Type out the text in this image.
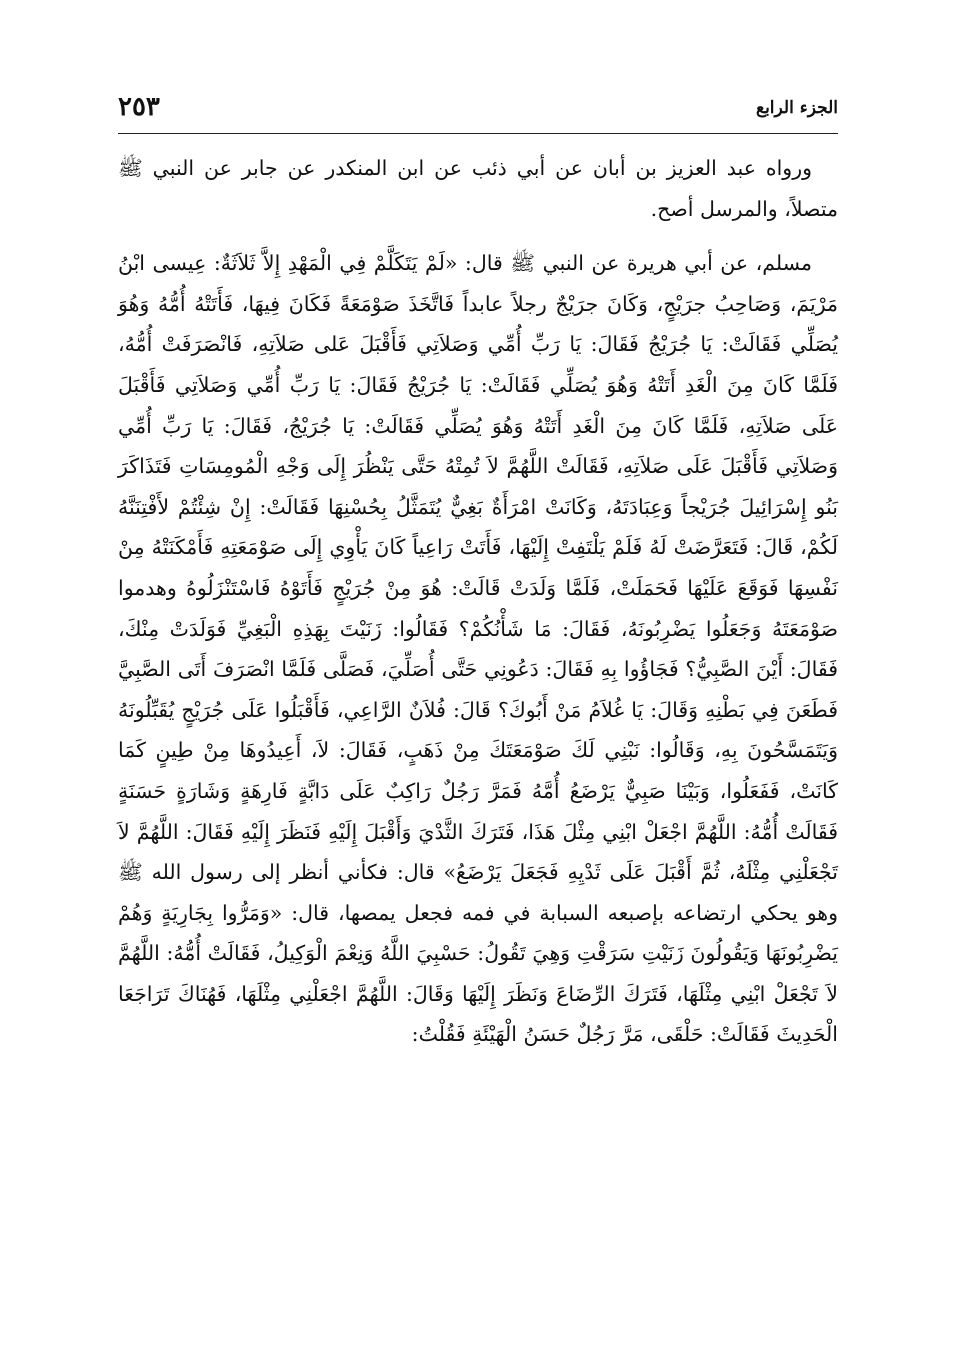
الجزء الرابع
٢٥٣

ورواه عبد العزيز بن أبان عن أبي ذئب عن ابن المنكدر عن جابر عن النبي ﷺ متصلاً، والمرسل أصح.

مسلم، عن أبي هريرة عن النبي ﷺ قال: «لَمْ يَتَكَلَّمْ فِي الْمَهْدِ إِلاَّ ثَلاَثَةٌ: عِيسى ابْنُ مَرْيَمَ، وَصَاحِبُ جرَيْجٍ، وَكَانَ جرَيْجٌ رجلاً عابداً فَاتَّخَذَ صَوْمَعَةً فَكَانَ فِيهَا، فَأَتَتْهُ أُمُّهُ وَهُوَ يُصَلِّي فَقَالَتْ: يَا جُرَيْجُ فَقَالَ: يَا رَبِّ أُمِّي وَصَلاَتِي فَأَقْبَلَ عَلى صَلاَتِهِ، فَانْصَرَفَتْ أُمُّهُ، فَلَمَّا كَانَ مِنَ الْغَدِ أَتَتْهُ وَهُوَ يُصَلِّي فَقَالَتْ: يَا جُرَيْجُ فَقَالَ: يَا رَبِّ أُمِّي وَصَلاَتِي فَأَقْبَلَ عَلَى صَلاَتِهِ، فَلَمَّا كَانَ مِنَ الْغَدِ أَتَتْهُ وَهُوَ يُصَلِّي فَقَالَتْ: يَا جُرَيْجُ، فَقَالَ: يَا رَبِّ أُمِّي وَصَلاَتِي فَأَقْبَلَ عَلَى صَلاَتِهِ، فَقَالَتْ اللَّهُمَّ لاَ تُمِتْهُ حَتَّى يَنْظُرَ إِلَى وَجْهِ الْمُومِسَاتِ فَتَذَاكَرَ بَنُو إِسْرَائِيلَ جُرَيْجاً وَعِبَادَتَهُ، وَكَانَتْ امْرَأَةٌ بَغِيٌّ يُتَمَثَّلُ بِحُسْنِهَا فَقَالَتْ: إِنْ شِئْتُمْ لأَفْتِنَنَّهُ لَكُمْ، قَالَ: فَتَعَرَّضَتْ لَهُ فَلَمْ يَلْتَفِتْ إِلَيْهَا، فَأَتَتْ رَاعِياً كَانَ يَأْوِي إِلَى صَوْمَعَتِهِ فَأَمْكَنَتْهُ مِنْ نَفْسِهَا فَوَقَعَ عَلَيْهَا فَحَمَلَتْ، فَلَمَّا وَلَدَتْ قَالَتْ: هُوَ مِنْ جُرَيْجٍ فَأَتَوْهُ فَاسْتَنْزَلُوهُ وهدموا صَوْمَعَتَهُ وَجَعَلُوا يَضْرِبُونَهُ، فَقَالَ: مَا شَأْنُكُمْ؟ فَقَالُوا: زَنَيْتَ بِهَذِهِ الْبَغِيِّ فَوَلَدَتْ مِنْكَ، فَقَالَ: أَيْنَ الصَّبِيُّ؟ فَجَاؤُوا بِهِ فَقَالَ: دَعُونِي حَتَّى أُصَلِّيَ، فَصَلَّى فَلَمَّا انْصَرَفَ أَتَى الصَّبِيَّ فَطَعَنَ فِي بَطْنِهِ وَقَالَ: يَا غُلاَمُ مَنْ أَبُوكَ؟ قَالَ: فُلاَنٌ الرَّاعِي، فَأَقْبَلُوا عَلَى جُرَيْجٍ يُقَبِّلُونَهُ وَيَتَمَسَّحُونَ بِهِ، وَقَالُوا: نَبْنِي لَكَ صَوْمَعَتَكَ مِنْ ذَهَبٍ، فَقَالَ: لاَ، أَعِيدُوهَا مِنْ طِينٍ كَمَا كَانَتْ، فَفَعَلُوا، وَبَيْنَا صَبِيٌّ يَرْضَعُ أُمَّهُ فَمَرَّ رَجُلٌ رَاكِبٌ عَلَى دَابَّةٍ فَارِهَةٍ وَشَارَةٍ حَسَنَةٍ فَقَالَتْ أُمُّهُ: اللَّهُمَّ اجْعَلْ ابْنِي مِثْلَ هَذَا، فَتَرَكَ الثَّدْيَ وَأَقْبَلَ إِلَيْهِ فَنَظَرَ إِلَيْهِ فَقَالَ: اللَّهُمَّ لاَ تَجْعَلْنِي مِثْلَهُ، ثُمَّ أَقْبَلَ عَلَى ثَدْيِهِ فَجَعَلَ يَرْضَعُ» قال: فكأني أنظر إلى رسول الله ﷺ وهو يحكي ارتضاعه بإصبعه السبابة في فمه فجعل يمصها، قال: «وَمَرُّوا بِجَارِيَةٍ وَهُمْ يَضْرِبُونَهَا وَيَقُولُونَ زَنَيْتِ سَرَقْتِ وَهِيَ تَقُولُ: حَسْبِيَ اللَّهُ وَنِعْمَ الْوَكِيلُ، فَقَالَتْ أُمُّهُ: اللَّهُمَّ لاَ تَجْعَلْ ابْنِي مِثْلَهَا، فَتَرَكَ الرِّضَاعَ وَنَظَرَ إِلَيْهَا وَقَالَ: اللَّهُمَّ اجْعَلْنِي مِثْلَهَا، فَهُنَاكَ تَرَاجَعَا الْحَدِيثَ فَقَالَتْ: حَلْقَى، مَرَّ رَجُلٌ حَسَنُ الْهَيْئَةِ فَقُلْتُ:
